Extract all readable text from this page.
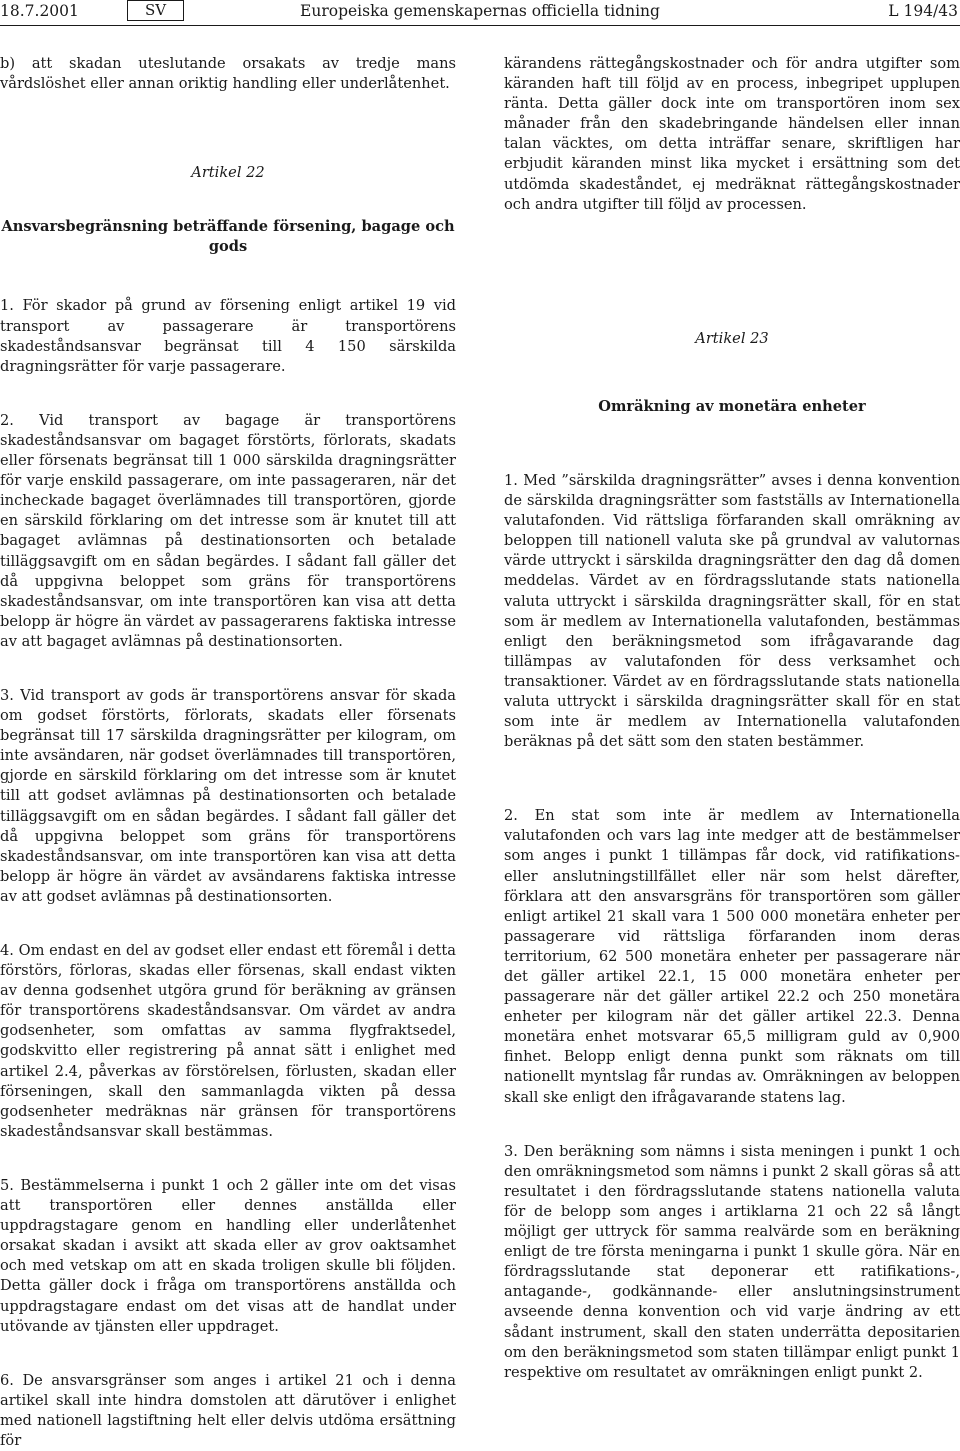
18.7.2001	SV	Europeiska gemenskapernas officiella tidning	L 194/43

b) att skadan uteslutande orsakats av tredje mans vårdslöshet eller annan oriktig handling eller underlåtenhet.

Artikel 22

Ansvarsbegränsning beträffande försening, bagage och gods

1. För skador på grund av försening enligt artikel 19 vid transport av passagerare är transportörens skadeståndsansvar begränsat till 4 150 särskilda dragningsrätter för varje passagerare.

2. Vid transport av bagage är transportörens skadeståndsansvar om bagaget förstörts, förlorats, skadats eller försenats begränsat till 1 000 särskilda dragningsrätter för varje enskild passagerare, om inte passageraren, när det incheckade bagaget överlämnades till transportören, gjorde en särskild förklaring om det intresse som är knutet till att bagaget avlämnas på destinationsorten och betalade tilläggsavgift om en sådan begärdes. I sådant fall gäller det då uppgivna beloppet som gräns för transportörens skadeståndsansvar, om inte transportören kan visa att detta belopp är högre än värdet av passagerarens faktiska intresse av att bagaget avlämnas på destinationsorten.

3. Vid transport av gods är transportörens ansvar för skada om godset förstörts, förlorats, skadats eller försenats begränsat till 17 särskilda dragningsrätter per kilogram, om inte avsändaren, när godset överlämnades till transportören, gjorde en särskild förklaring om det intresse som är knutet till att godset avlämnas på destinationsorten och betalade tilläggsavgift om en sådan begärdes. I sådant fall gäller det då uppgivna beloppet som gräns för transportörens skadeståndsansvar, om inte transportören kan visa att detta belopp är högre än värdet av avsändarens faktiska intresse av att godset avlämnas på destinationsorten.

4. Om endast en del av godset eller endast ett föremål i detta förstörs, förloras, skadas eller försenas, skall endast vikten av denna godsenhet utgöra grund för beräkning av gränsen för transportörens skadeståndsansvar. Om värdet av andra godsenheter, som omfattas av samma flygfraktsedel, godskvitto eller registrering på annat sätt i enlighet med artikel 2.4, påverkas av förstörelsen, förlusten, skadan eller förseningen, skall den sammanlagda vikten på dessa godsenheter medräknas när gränsen för transportörens skadeståndsansvar skall bestämmas.

5. Bestämmelserna i punkt 1 och 2 gäller inte om det visas att transportören eller dennes anställda eller uppdragstagare genom en handling eller underlåtenhet orsakat skadan i avsikt att skada eller av grov oaktsamhet och med vetskap om att en skada troligen skulle bli följden. Detta gäller dock i fråga om transportörens anställda och uppdragstagare endast om det visas att de handlat under utövande av tjänsten eller uppdraget.

6. De ansvarsgränser som anges i artikel 21 och i denna artikel skall inte hindra domstolen att därutöver i enlighet med nationell lagstiftning helt eller delvis utdöma ersättning för

kärandens rättegångskostnader och för andra utgifter som käranden haft till följd av en process, inbegripet upplupen ränta. Detta gäller dock inte om transportören inom sex månader från den skadebringande händelsen eller innan talan väcktes, om detta inträffar senare, skriftligen har erbjudit käranden minst lika mycket i ersättning som det utdömda skadeståndet, ej medräknat rättegångskostnader och andra utgifter till följd av processen.

Artikel 23

Omräkning av monetära enheter

1. Med ”särskilda dragningsrätter” avses i denna konvention de särskilda dragningsrätter som fastställs av Internationella valutafonden. Vid rättsliga förfaranden skall omräkning av beloppen till nationell valuta ske på grundval av valutornas värde uttryckt i särskilda dragningsrätter den dag då domen meddelas. Värdet av en fördragsslutande stats nationella valuta uttryckt i särskilda dragningsrätter skall, för en stat som är medlem av Internationella valutafonden, bestämmas enligt den beräkningsmetod som ifrågavarande dag tillämpas av valutafonden för dess verksamhet och transaktioner. Värdet av en fördragsslutande stats nationella valuta uttryckt i särskilda dragningsrätter skall för en stat som inte är medlem av Internationella valutafonden beräknas på det sätt som den staten bestämmer.

2. En stat som inte är medlem av Internationella valutafonden och vars lag inte medger att de bestämmelser som anges i punkt 1 tillämpas får dock, vid ratifikations- eller anslutningstillfället eller när som helst därefter, förklara att den ansvarsgräns för transportören som gäller enligt artikel 21 skall vara 1 500 000 monetära enheter per passagerare vid rättsliga förfaranden inom deras territorium, 62 500 monetära enheter per passagerare när det gäller artikel 22.1, 15 000 monetära enheter per passagerare när det gäller artikel 22.2 och 250 monetära enheter per kilogram när det gäller artikel 22.3. Denna monetära enhet motsvarar 65,5 milligram guld av 0,900 finhet. Belopp enligt denna punkt som räknats om till nationellt myntslag får rundas av. Omräkningen av beloppen skall ske enligt den ifrågavarande statens lag.

3. Den beräkning som nämns i sista meningen i punkt 1 och den omräkningsmetod som nämns i punkt 2 skall göras så att resultatet i den fördragsslutande statens nationella valuta för de belopp som anges i artiklarna 21 och 22 så långt möjligt ger uttryck för samma realvärde som en beräkning enligt de tre första meningarna i punkt 1 skulle göra. När en fördragsslutande stat deponerar ett ratifikations-, antagande-, godkännande- eller anslutningsinstrument avseende denna konvention och vid varje ändring av ett sådant instrument, skall den staten underrätta depositarien om den beräkningsmetod som staten tillämpar enligt punkt 1 respektive om resultatet av omräkningen enligt punkt 2.
